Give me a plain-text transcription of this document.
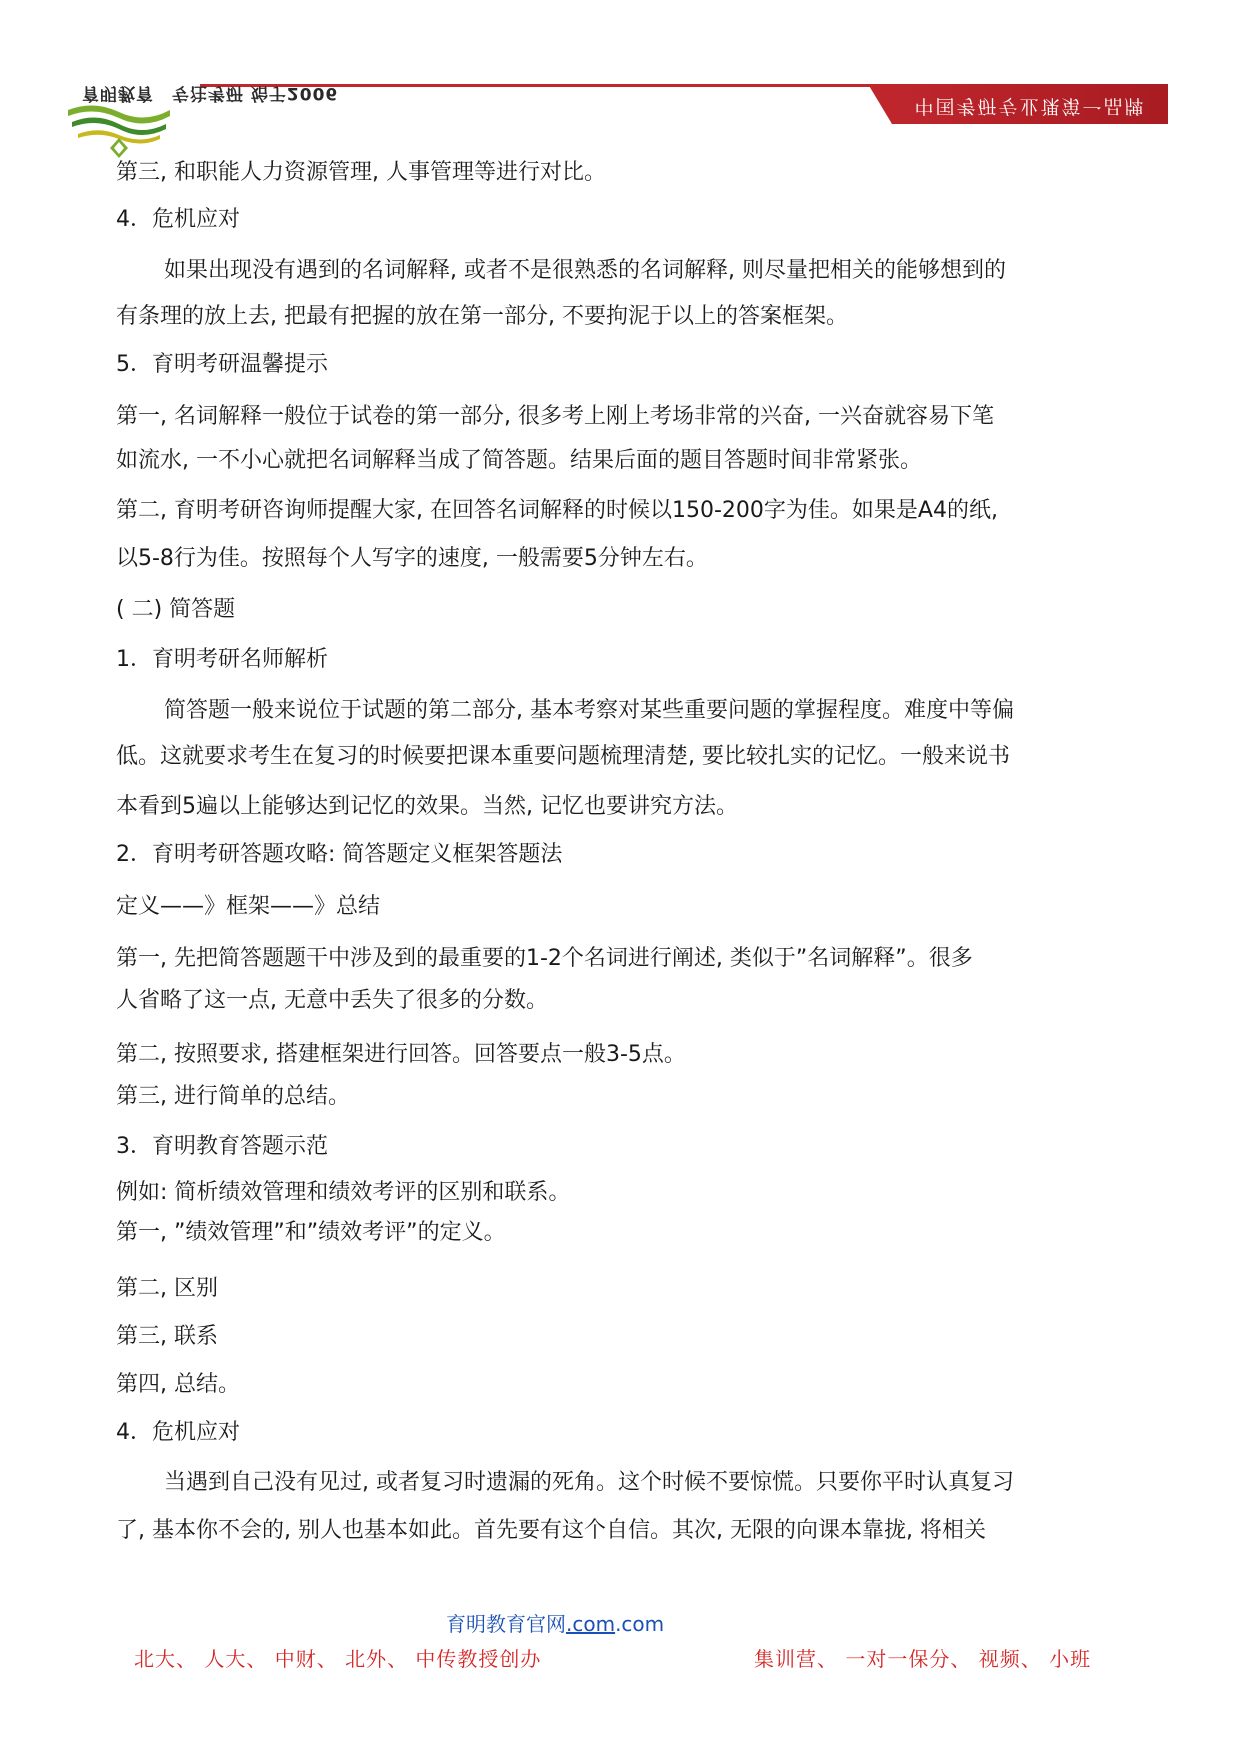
中国考研专业课第一品牌
育明教育 专注考研 始于2006
第三, 和职能人力资源管理, 人事管理等进行对比。
4．危机应对
如果出现没有遇到的名词解释, 或者不是很熟悉的名词解释, 则尽量把相关的能够想到的
有条理的放上去, 把最有把握的放在第一部分, 不要拘泥于以上的答案框架。
5．育明考研温馨提示
第一, 名词解释一般位于试卷的第一部分, 很多考上刚上考场非常的兴奋, 一兴奋就容易下笔
如流水, 一不小心就把名词解释当成了简答题。结果后面的题目答题时间非常紧张。
第二, 育明考研咨询师提醒大家, 在回答名词解释的时候以150-200字为佳。如果是A4的纸,
以5-8行为佳。按照每个人写字的速度, 一般需要5分钟左右。
( 二) 简答题
1．育明考研名师解析
简答题一般来说位于试题的第二部分, 基本考察对某些重要问题的掌握程度。难度中等偏
低。这就要求考生在复习的时候要把课本重要问题梳理清楚, 要比较扎实的记忆。一般来说书
本看到5遍以上能够达到记忆的效果。当然, 记忆也要讲究方法。
2．育明考研答题攻略: 简答题定义框架答题法
定义——》框架——》总结
第一, 先把简答题题干中涉及到的最重要的1-2个名词进行阐述, 类似于”名词解释”。很多
人省略了这一点, 无意中丢失了很多的分数。
第二, 按照要求, 搭建框架进行回答。回答要点一般3-5点。
第三, 进行简单的总结。
3．育明教育答题示范
例如: 简析绩效管理和绩效考评的区别和联系。
第一, ”绩效管理”和”绩效考评”的定义。
第二, 区别
第三, 联系
第四, 总结。
4．危机应对
当遇到自己没有见过, 或者复习时遗漏的死角。这个时候不要惊慌。只要你平时认真复习
了, 基本你不会的, 别人也基本如此。首先要有这个自信。其次, 无限的向课本靠拢, 将相关
育明教育官网.com.com
北大、 人大、 中财、 北外、 中传教授创办	集训营、 一对一保分、 视频、 小班
